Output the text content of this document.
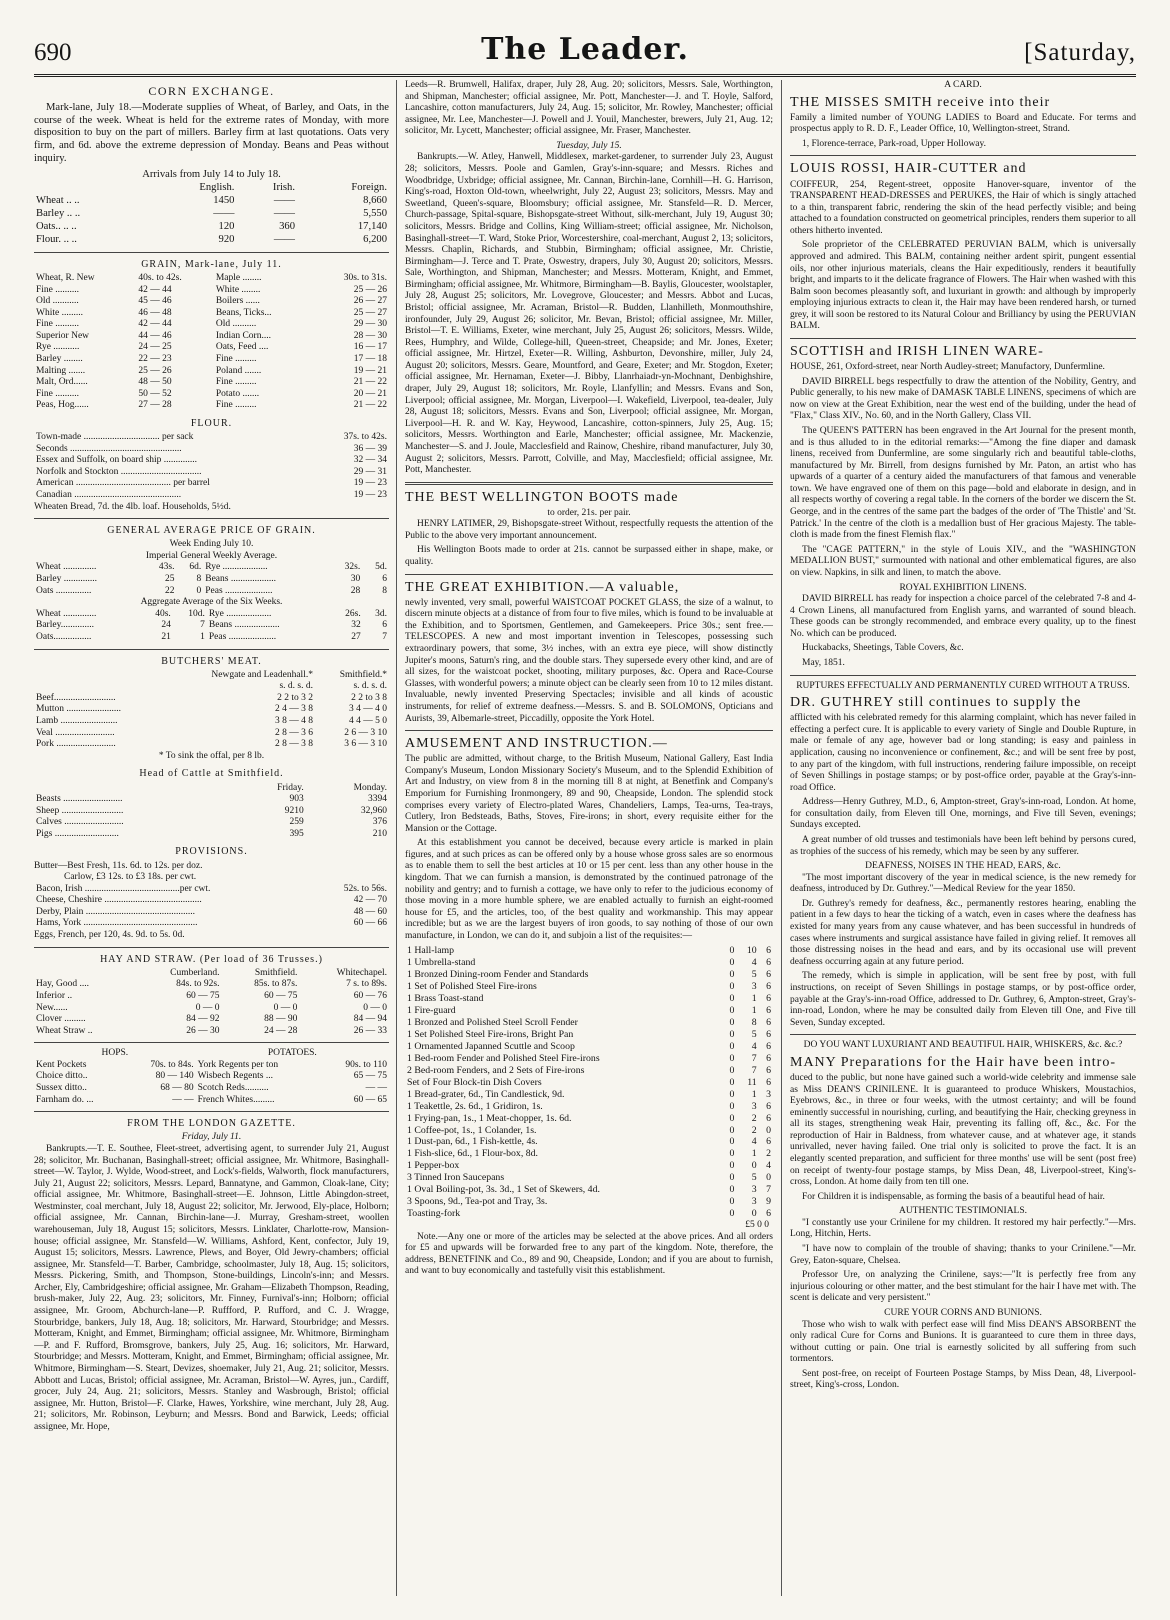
690	The Leader.	[Saturday,
CORN EXCHANGE.

Mark-lane, July 18.—Moderate supplies of Wheat, of Barley, and Oats, in the course of the week. Wheat is held for the extreme rates of Monday, with more disposition to buy on the part of millers. Barley firm at last quotations. Oats very firm, and 6d. above the extreme depression of Monday. Beans and Peas without inquiry.

Arrivals from July 14 to July 18.
	English.	Irish.	Foreign.
Wheat .. ..	1450	——	8,660
Barley .. ..	——	——	5,550
Oats.. .. ..	120	360	17,140
Flour. .. ..	920	——	6,200
GRAIN, Mark-lane, July 11.
Wheat, R. New	40s. to 42s.	Maple ........	30s. to 31s.
Fine ..........	42 — 44	White ........	25 — 26
Old ...........	45 — 46	Boilers ......	26 — 27
White .........	46 — 48	Beans, Ticks...	25 — 27
Fine ..........	42 — 44	Old ..........	29 — 30
Superior New	44 — 46	Indian Corn....	28 — 30
Rye ...........	24 — 25	Oats, Feed ....	16 — 17
Barley ........	22 — 23	Fine .........	17 — 18
Malting .......	25 — 26	Poland .......	19 — 21
Malt, Ord......	48 — 50	Fine .........	21 — 22
Fine ..........	50 — 52	Potato .......	20 — 21
Peas, Hog......	27 — 28	Fine .........	21 — 22
FLOUR.
Town-made ................................ per sack	37s. to 42s.
Seconds ...............................................	36 — 39
Essex and Suffolk, on board ship ..............	32 — 34
Norfolk and Stockton ..................................	29 — 31
American ........................................ per barrel	19 — 23
Canadian .............................................	19 — 23
Wheaten Bread, 7d. the 4lb. loaf. Households, 5½d.
GENERAL AVERAGE PRICE OF GRAIN.
Week Ending July 10.
Imperial General Weekly Average.
Wheat ..............	43s.	6d.	Rye ...................	32s.	5d.
Barley ..............	25	8	Beans ...................	30	6
Oats ...............	22	0	Peas ....................	28	8
Aggregate Average of the Six Weeks.
Wheat ..............	40s.	10d.	Rye ...................	26s.	3d.
Barley..............	24	7	Beans ...................	32	6
Oats................	21	1	Peas ....................	27	7
BUTCHERS' MEAT.
	Newgate and Leadenhall.*	Smithfield.*
	s. d. s. d.	s. d. s. d.
Beef..........................	2 2 to 3 2	2 2 to 3 8
Mutton .......................	2 4 — 3 8	3 4 — 4 0
Lamb ........................	3 8 — 4 8	4 4 — 5 0
Veal .........................	2 8 — 3 6	2 6 — 3 10
Pork .........................	2 8 — 3 8	3 6 — 3 10
* To sink the offal, per 8 lb.
Head of Cattle at Smithfield.
	Friday.	Monday.
Beasts .........................	903	3394
Sheep ..........................	9210	32,960
Calves .........................	259	376
Pigs ...........................	395	210
PROVISIONS.
Butter—Best Fresh, 11s. 6d. to 12s. per doz.
Carlow, £3 12s. to £3 18s. per cwt.
Bacon, Irish ........................................per cwt.	52s. to 56s.
Cheese, Cheshire .........................................	42 — 70
Derby, Plain ..............................................	48 — 60
Hams, York ................................................	60 — 66
Eggs, French, per 120, 4s. 9d. to 5s. 0d.
HAY AND STRAW. (Per load of 36 Trusses.)
	Cumberland.	Smithfield.	Whitechapel.
Hay, Good ....	84s. to 92s.	85s. to 87s.	7 s. to 89s.
Inferior ..	60 — 75	60 — 75	60 — 76
New......	0 — 0	0 — 0	0 — 0
Clover .........	84 — 92	88 — 90	84 — 94
Wheat Straw ..	26 — 30	24 — 28	26 — 33
HOPS.		POTATOES.	
Kent Pockets	70s. to 84s.	York Regents per ton	90s. to 110
Choice ditto..	80 — 140	Wisbech Regents ...	65 — 75
Sussex ditto..	68 — 80	Scotch Reds..........	— —
Farnham do. ...	— —	French Whites.........	60 — 65
FROM THE LONDON GAZETTE.
Friday, July 11.

Bankrupts.—T. E. Southee, Fleet-street, advertising agent, to surrender July 21, August 28; solicitor, Mr. Buchanan, Basinghall-street; official assignee, Mr. Whitmore, Basinghall-street—W. Taylor, J. Wylde, Wood-street, and Lock's-fields, Walworth, flock manufacturers, July 21, August 22; solicitors, Messrs. Lepard, Bannatyne, and Gammon, Cloak-lane, City; official assignee, Mr. Whitmore, Basinghall-street—E. Johnson, Little Abingdon-street, Westminster, coal merchant, July 18, August 22; solicitor, Mr. Jerwood, Ely-place, Holborn; official assignee, Mr. Cannan, Birchin-lane—J. Murray, Gresham-street, woollen warehouseman, July 18, August 15; solicitors, Messrs. Linklater, Charlotte-row, Mansion-house; official assignee, Mr. Stansfeld—W. Williams, Ashford, Kent, confector, July 19, August 15; solicitors, Messrs. Lawrence, Plews, and Boyer, Old Jewry-chambers; official assignee, Mr. Stansfeld—T. Barber, Cambridge, schoolmaster, July 18, Aug. 15; solicitors, Messrs. Pickering, Smith, and Thompson, Stone-buildings, Lincoln's-inn; and Messrs. Archer, Ely, Cambridgeshire; official assignee, Mr. Graham—Elizabeth Thompson, Reading, brush-maker, July 22, Aug. 23; solicitors, Mr. Finney, Furnival's-inn; Holborn; official assignee, Mr. Groom, Abchurch-lane—P. Ruffford, P. Rufford, and C. J. Wragge, Stourbridge, bankers, July 18, Aug. 18; solicitors, Mr. Harward, Stourbridge; and Messrs. Motteram, Knight, and Emmet, Birmingham; official assignee, Mr. Whitmore, Birmingham—P. and F. Rufford, Bromsgrove, bankers, July 25, Aug. 16; solicitors, Mr. Harward, Stourbridge; and Messrs. Motteram, Knight, and Emmet, Birmingham; official assignee, Mr. Whitmore, Birmingham—S. Steart, Devizes, shoemaker, July 21, Aug. 21; solicitor, Messrs. Abbott and Lucas, Bristol; official assignee, Mr. Acraman, Bristol—W. Ayres, jun., Cardiff, grocer, July 24, Aug. 21; solicitors, Messrs. Stanley and Wasbrough, Bristol; official assignee, Mr. Hutton, Bristol—F. Clarke, Hawes, Yorkshire, wine merchant, July 28, Aug. 21; solicitors, Mr. Robinson, Leyburn; and Messrs. Bond and Barwick, Leeds; official assignee, Mr. Hope,

Leeds—R. Brumwell, Halifax, draper, July 28, Aug. 20; solicitors, Messrs. Sale, Worthington, and Shipman, Manchester; official assignee, Mr. Pott, Manchester—J. and T. Hoyle, Salford, Lancashire, cotton manufacturers, July 24, Aug. 15; solicitor, Mr. Rowley, Manchester; official assignee, Mr. Lee, Manchester—J. Powell and J. Youil, Manchester, brewers, July 21, Aug. 12; solicitor, Mr. Lycett, Manchester; official assignee, Mr. Fraser, Manchester.

Tuesday, July 15.

Bankrupts.—W. Atley, Hanwell, Middlesex, market-gardener, to surrender July 23, August 28; solicitors, Messrs. Poole and Gamlen, Gray's-inn-square; and Messrs. Riches and Woodbridge, Uxbridge; official assignee, Mr. Cannan, Birchin-lane, Cornhill—H. G. Harrison, King's-road, Hoxton Old-town, wheelwright, July 22, August 23; solicitors, Messrs. May and Sweetland, Queen's-square, Bloomsbury; official assignee, Mr. Stansfeld—R. D. Mercer, Church-passage, Spital-square, Bishopsgate-street Without, silk-merchant, July 19, August 30; solicitors, Messrs. Bridge and Collins, King William-street; official assignee, Mr. Nicholson, Basinghall-street—T. Ward, Stoke Prior, Worcestershire, coal-merchant, August 2, 13; solicitors, Messrs. Chaplin, Richards, and Stubbin, Birmingham; official assignee, Mr. Christie, Birmingham—J. Terce and T. Prate, Oswestry, drapers, July 30, August 20; solicitors, Messrs. Sale, Worthington, and Shipman, Manchester; and Messrs. Motteram, Knight, and Emmet, Birmingham; official assignee, Mr. Whitmore, Birmingham—B. Baylis, Gloucester, woolstapler, July 28, August 25; solicitors, Mr. Lovegrove, Gloucester; and Messrs. Abbot and Lucas, Bristol; official assignee, Mr. Acraman, Bristol—R. Budden, Llanhilleth, Monmouthshire, ironfounder, July 29, August 26; solicitor, Mr. Bevan, Bristol; official assignee, Mr. Miller, Bristol—T. E. Williams, Exeter, wine merchant, July 25, August 26; solicitors, Messrs. Wilde, Rees, Humphry, and Wilde, College-hill, Queen-street, Cheapside; and Mr. Jones, Exeter; official assignee, Mr. Hirtzel, Exeter—R. Willing, Ashburton, Devonshire, miller, July 24, August 20; solicitors, Messrs. Geare, Mountford, and Geare, Exeter; and Mr. Stogdon, Exeter; official assignee, Mr. Hernaman, Exeter—J. Bibby, Llanrhaiadr-yn-Mochnant, Denbighshire, draper, July 29, August 18; solicitors, Mr. Royle, Llanfyllin; and Messrs. Evans and Son, Liverpool; official assignee, Mr. Morgan, Liverpool—I. Wakefield, Liverpool, tea-dealer, July 28, August 18; solicitors, Messrs. Evans and Son, Liverpool; official assignee, Mr. Morgan, Liverpool—H. R. and W. Kay, Heywood, Lancashire, cotton-spinners, July 25, Aug. 15; solicitors, Messrs. Worthington and Earle, Manchester; official assignee, Mr. Mackenzie, Manchester—S. and J. Joule, Macclesfield and Rainow, Cheshire, riband manufacturer, July 30, August 2; solicitors, Messrs. Parrott, Colville, and May, Macclesfield; official assignee, Mr. Pott, Manchester.

THE BEST WELLINGTON BOOTS made
to order, 21s. per pair.

HENRY LATIMER, 29, Bishopsgate-street Without, respectfully requests the attention of the Public to the above very important announcement.

His Wellington Boots made to order at 21s. cannot be surpassed either in shape, make, or quality.

THE GREAT EXHIBITION.—A valuable,

newly invented, very small, powerful WAISTCOAT POCKET GLASS, the size of a walnut, to discern minute objects at a distance of from four to five miles, which is found to be invaluable at the Exhibition, and to Sportsmen, Gentlemen, and Gamekeepers. Price 30s.; sent free.—TELESCOPES. A new and most important invention in Telescopes, possessing such extraordinary powers, that some, 3½ inches, with an extra eye piece, will show distinctly Jupiter's moons, Saturn's ring, and the double stars. They supersede every other kind, and are of all sizes, for the waistcoat pocket, shooting, military purposes, &c. Opera and Race-Course Glasses, with wonderful powers; a minute object can be clearly seen from 10 to 12 miles distant. Invaluable, newly invented Preserving Spectacles; invisible and all kinds of acoustic instruments, for relief of extreme deafness.—Messrs. S. and B. SOLOMONS, Opticians and Aurists, 39, Albemarle-street, Piccadilly, opposite the York Hotel.

AMUSEMENT AND INSTRUCTION.—

The public are admitted, without charge, to the British Museum, National Gallery, East India Company's Museum, London Missionary Society's Museum, and to the Splendid Exhibition of Art and Industry, on view from 8 in the morning till 8 at night, at Benetfink and Company's Emporium for Furnishing Ironmongery, 89 and 90, Cheapside, London. The splendid stock comprises every variety of Electro-plated Wares, Chandeliers, Lamps, Tea-urns, Tea-trays, Cutlery, Iron Bedsteads, Baths, Stoves, Fire-irons; in short, every requisite either for the Mansion or the Cottage.

At this establishment you cannot be deceived, because every article is marked in plain figures, and at such prices as can be offered only by a house whose gross sales are so enormous as to enable them to sell the best articles at 10 or 15 per cent. less than any other house in the kingdom. That we can furnish a mansion, is demonstrated by the continued patronage of the nobility and gentry; and to furnish a cottage, we have only to refer to the judicious economy of those moving in a more humble sphere, we are enabled actually to furnish an eight-roomed house for £5, and the articles, too, of the best quality and workmanship. This may appear incredible; but as we are the largest buyers of iron goods, to say nothing of those of our own manufacture, in London, we can do it, and subjoin a list of the requisites:—

1 Hall-lamp	0	10	6
1 Umbrella-stand	0	4	6
1 Bronzed Dining-room Fender and Standards	0	5	6
1 Set of Polished Steel Fire-irons	0	3	6
1 Brass Toast-stand	0	1	6
1 Fire-guard	0	1	6
1 Bronzed and Polished Steel Scroll Fender	0	8	6
1 Set Polished Steel Fire-irons, Bright Pan	0	5	6
1 Ornamented Japanned Scuttle and Scoop	0	4	6
1 Bed-room Fender and Polished Steel Fire-irons	0	7	6
2 Bed-room Fenders, and 2 Sets of Fire-irons	0	7	6
Set of Four Block-tin Dish Covers	0	11	6
1 Bread-grater, 6d., Tin Candlestick, 9d.	0	1	3
1 Teakettle, 2s. 6d., 1 Gridiron, 1s.	0	3	6
1 Frying-pan, 1s., 1 Meat-chopper, 1s. 6d.	0	2	6
1 Coffee-pot, 1s., 1 Colander, 1s.	0	2	0
1 Dust-pan, 6d., 1 Fish-kettle, 4s.	0	4	6
1 Fish-slice, 6d., 1 Flour-box, 8d.	0	1	2
1 Pepper-box	0	0	4
3 Tinned Iron Saucepans	0	5	0
1 Oval Boiling-pot, 3s. 3d., 1 Set of Skewers, 4d.	0	3	7
3 Spoons, 9d., Tea-pot and Tray, 3s.	0	3	9
Toasting-fork	0	0	6
£5 0 0

Note.—Any one or more of the articles may be selected at the above prices. And all orders for £5 and upwards will be forwarded free to any part of the kingdom. Note, therefore, the address, BENETFINK and Co., 89 and 90, Cheapside, London; and if you are about to furnish, and want to buy economically and tastefully visit this establishment.

A CARD.
THE MISSES SMITH receive into their

Family a limited number of YOUNG LADIES to Board and Educate. For terms and prospectus apply to R. D. F., Leader Office, 10, Wellington-street, Strand.

1, Florence-terrace, Park-road, Upper Holloway.

LOUIS ROSSI, HAIR-CUTTER and

COIFFEUR, 254, Regent-street, opposite Hanover-square, inventor of the TRANSPARENT HEAD-DRESSES and PERUKES, the Hair of which is singly attached to a thin, transparent fabric, rendering the skin of the head perfectly visible; and being attached to a foundation constructed on geometrical principles, renders them superior to all others hitherto invented.

Sole proprietor of the CELEBRATED PERUVIAN BALM, which is universally approved and admired. This BALM, containing neither ardent spirit, pungent essential oils, nor other injurious materials, cleans the Hair expeditiously, renders it beautifully bright, and imparts to it the delicate fragrance of Flowers. The Hair when washed with this Balm soon becomes pleasantly soft, and luxuriant in growth: and although by improperly employing injurious extracts to clean it, the Hair may have been rendered harsh, or turned grey, it will soon be restored to its Natural Colour and Brilliancy by using the PERUVIAN BALM.

SCOTTISH and IRISH LINEN WARE-

HOUSE, 261, Oxford-street, near North Audley-street; Manufactory, Dunfermline.

DAVID BIRRELL begs respectfully to draw the attention of the Nobility, Gentry, and Public generally, to his new make of DAMASK TABLE LINENS, specimens of which are now on view at the Great Exhibition, near the west end of the building, under the head of "Flax," Class XIV., No. 60, and in the North Gallery, Class VII.

The QUEEN'S PATTERN has been engraved in the Art Journal for the present month, and is thus alluded to in the editorial remarks:—"Among the fine diaper and damask linens, received from Dunfermline, are some singularly rich and beautiful table-cloths, manufactured by Mr. Birrell, from designs furnished by Mr. Paton, an artist who has upwards of a quarter of a century aided the manufacturers of that famous and venerable town. We have engraved one of them on this page—bold and elaborate in design, and in all respects worthy of covering a regal table. In the corners of the border we discern the St. George, and in the centres of the same part the badges of the order of 'The Thistle' and 'St. Patrick.' In the centre of the cloth is a medallion bust of Her gracious Majesty. The table-cloth is made from the finest Flemish flax."

The "CAGE PATTERN," in the style of Louis XIV., and the "WASHINGTON MEDALLION BUST," surmounted with national and other emblematical figures, are also on view. Napkins, in silk and linen, to match the above.

ROYAL EXHIBITION LINENS.

DAVID BIRRELL has ready for inspection a choice parcel of the celebrated 7-8 and 4-4 Crown Linens, all manufactured from English yarns, and warranted of sound bleach. These goods can be strongly recommended, and embrace every quality, up to the finest No. which can be produced.

Huckabacks, Sheetings, Table Covers, &c.

May, 1851.

RUPTURES EFFECTUALLY AND PERMANENTLY CURED WITHOUT A TRUSS.
DR. GUTHREY still continues to supply the

afflicted with his celebrated remedy for this alarming complaint, which has never failed in effecting a perfect cure. It is applicable to every variety of Single and Double Rupture, in male or female of any age, however bad or long standing; is easy and painless in application, causing no inconvenience or confinement, &c.; and will be sent free by post, to any part of the kingdom, with full instructions, rendering failure impossible, on receipt of Seven Shillings in postage stamps; or by post-office order, payable at the Gray's-inn-road Office.

Address—Henry Guthrey, M.D., 6, Ampton-street, Gray's-inn-road, London. At home, for consultation daily, from Eleven till One, mornings, and Five till Seven, evenings; Sundays excepted.

A great number of old trusses and testimonials have been left behind by persons cured, as trophies of the success of his remedy, which may be seen by any sufferer.

DEAFNESS, NOISES IN THE HEAD, EARS, &c.

"The most important discovery of the year in medical science, is the new remedy for deafness, introduced by Dr. Guthrey."—Medical Review for the year 1850.

Dr. Guthrey's remedy for deafness, &c., permanently restores hearing, enabling the patient in a few days to hear the ticking of a watch, even in cases where the deafness has existed for many years from any cause whatever, and has been successful in hundreds of cases where instruments and surgical assistance have failed in giving relief. It removes all those distressing noises in the head and ears, and by its occasional use will prevent deafness occurring again at any future period.

The remedy, which is simple in application, will be sent free by post, with full instructions, on receipt of Seven Shillings in postage stamps, or by post-office order, payable at the Gray's-inn-road Office, addressed to Dr. Guthrey, 6, Ampton-street, Gray's-inn-road, London, where he may be consulted daily from Eleven till One, and Five till Seven, Sunday excepted.

DO YOU WANT LUXURIANT AND BEAUTIFUL HAIR, WHISKERS, &c. &c.?
MANY Preparations for the Hair have been intro-

duced to the public, but none have gained such a world-wide celebrity and immense sale as Miss DEAN'S CRINILENE. It is guaranteed to produce Whiskers, Moustachios, Eyebrows, &c., in three or four weeks, with the utmost certainty; and will be found eminently successful in nourishing, curling, and beautifying the Hair, checking greyness in all its stages, strengthening weak Hair, preventing its falling off, &c., &c. For the reproduction of Hair in Baldness, from whatever cause, and at whatever age, it stands unrivalled, never having failed. One trial only is solicited to prove the fact. It is an elegantly scented preparation, and sufficient for three months' use will be sent (post free) on receipt of twenty-four postage stamps, by Miss Dean, 48, Liverpool-street, King's-cross, London. At home daily from ten till one.

For Children it is indispensable, as forming the basis of a beautiful head of hair.

AUTHENTIC TESTIMONIALS.

"I constantly use your Crinilene for my children. It restored my hair perfectly."—Mrs. Long, Hitchin, Herts.

"I have now to complain of the trouble of shaving; thanks to your Crinilene."—Mr. Grey, Eaton-square, Chelsea.

Professor Ure, on analyzing the Crinilene, says:—"It is perfectly free from any injurious colouring or other matter, and the best stimulant for the hair I have met with. The scent is delicate and very persistent."

CURE YOUR CORNS AND BUNIONS.

Those who wish to walk with perfect ease will find Miss DEAN'S ABSORBENT the only radical Cure for Corns and Bunions. It is guaranteed to cure them in three days, without cutting or pain. One trial is earnestly solicited by all suffering from such tormentors.

Sent post-free, on receipt of Fourteen Postage Stamps, by Miss Dean, 48, Liverpool-street, King's-cross, London.
